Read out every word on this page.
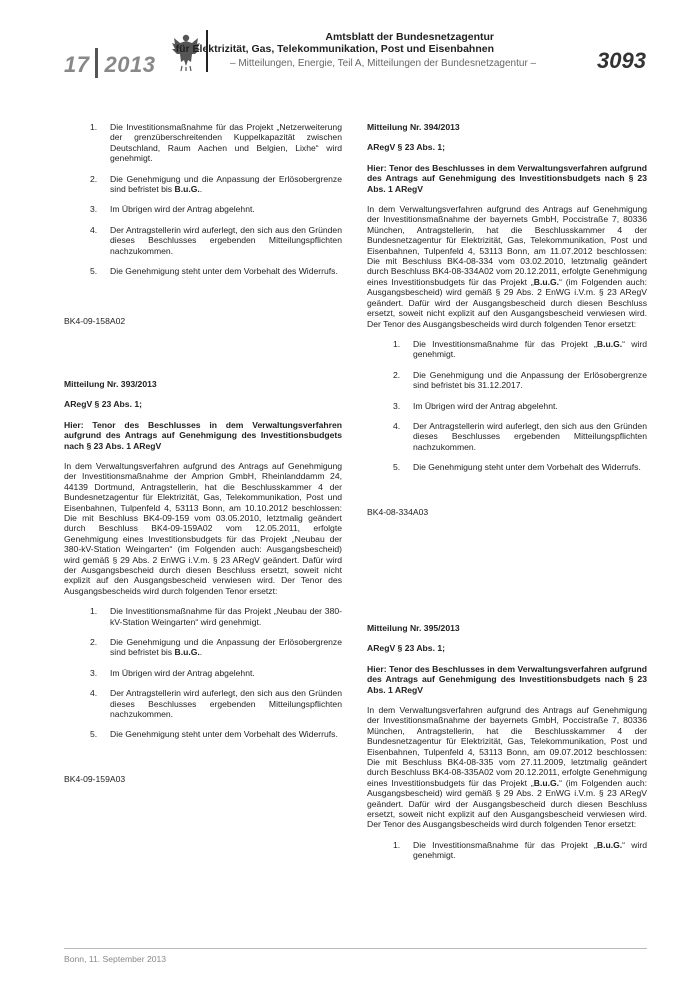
17 2013
Amtsblatt der Bundesnetzagentur
für Elektrizität, Gas, Telekommunikation, Post und Eisenbahnen
– Mitteilungen, Energie, Teil A, Mitteilungen der Bundesnetzagentur –	3093
1. Die Investitionsmaßnahme für das Projekt „Netzerweiterung der grenzüberschreitenden Kuppelkapazität zwischen Deutschland, Raum Aachen und Belgien, Lixhe“ wird genehmigt.
2. Die Genehmigung und die Anpassung der Erlösobergrenze sind befristet bis B.u.G..
3. Im Übrigen wird der Antrag abgelehnt.
4. Der Antragstellerin wird auferlegt, den sich aus den Gründen dieses Beschlusses ergebenden Mitteilungspflichten nachzukommen.
5. Die Genehmigung steht unter dem Vorbehalt des Widerrufs.

BK4-09-158A02

Mitteilung Nr. 393/2013

ARegV § 23 Abs. 1;

Hier: Tenor des Beschlusses in dem Verwaltungsverfahren aufgrund des Antrags auf Genehmigung des Investitionsbudgets nach § 23 Abs. 1 ARegV

In dem Verwaltungsverfahren aufgrund des Antrags auf Genehmigung der Investitionsmaßnahme der Amprion GmbH, Rheinlanddamm 24, 44139 Dortmund, Antragstellerin, hat die Beschlusskammer 4 der Bundesnetzagentur für Elektrizität, Gas, Telekommunikation, Post und Eisenbahnen, Tulpenfeld 4, 53113 Bonn, am 10.10.2012 beschlossen: Die mit Beschluss BK4-09-159 vom 03.05.2010, letztmalig geändert durch Beschluss BK4-09-159A02 vom 12.05.2011, erfolgte Genehmigung eines Investitionsbudgets für das Projekt „Neubau der 380-kV-Station Weingarten“ (im Folgenden auch: Ausgangsbescheid) wird gemäß § 29 Abs. 2 EnWG i.V.m. § 23 ARegV geändert. Dafür wird der Ausgangsbescheid durch diesen Beschluss ersetzt, soweit nicht explizit auf den Ausgangsbescheid verwiesen wird. Der Tenor des Ausgangsbescheids wird durch folgenden Tenor ersetzt:

1. Die Investitionsmaßnahme für das Projekt „Neubau der 380-kV-Station Weingarten“ wird genehmigt.
2. Die Genehmigung und die Anpassung der Erlösobergrenze sind befristet bis B.u.G..
3. Im Übrigen wird der Antrag abgelehnt.
4. Der Antragstellerin wird auferlegt, den sich aus den Gründen dieses Beschlusses ergebenden Mitteilungspflichten nachzukommen.
5. Die Genehmigung steht unter dem Vorbehalt des Widerrufs.

BK4-09-159A03

Mitteilung Nr. 394/2013

ARegV § 23 Abs. 1;

Hier: Tenor des Beschlusses in dem Verwaltungsverfahren aufgrund des Antrags auf Genehmigung des Investitionsbudgets nach § 23 Abs. 1 ARegV

In dem Verwaltungsverfahren aufgrund des Antrags auf Genehmigung der Investitionsmaßnahme der bayernets GmbH, Poccistraße 7, 80336 München, Antragstellerin, hat die Beschlusskammer 4 der Bundesnetzagentur für Elektrizität, Gas, Telekommunikation, Post und Eisenbahnen, Tulpenfeld 4, 53113 Bonn, am 11.07.2012 beschlossen: Die mit Beschluss BK4-08-334 vom 03.02.2010, letztmalig geändert durch Beschluss BK4-08-334A02 vom 20.12.2011, erfolgte Genehmigung eines Investitionsbudgets für das Projekt „B.u.G.“ (im Folgenden auch: Ausgangsbescheid) wird gemäß § 29 Abs. 2 EnWG i.V.m. § 23 ARegV geändert. Dafür wird der Ausgangsbescheid durch diesen Beschluss ersetzt, soweit nicht explizit auf den Ausgangsbescheid verwiesen wird. Der Tenor des Ausgangsbescheids wird durch folgenden Tenor ersetzt:

1. Die Investitionsmaßnahme für das Projekt „B.u.G.“ wird genehmigt.
2. Die Genehmigung und die Anpassung der Erlösobergrenze sind befristet bis 31.12.2017.
3. Im Übrigen wird der Antrag abgelehnt.
4. Der Antragstellerin wird auferlegt, den sich aus den Gründen dieses Beschlusses ergebenden Mitteilungspflichten nachzukommen.
5. Die Genehmigung steht unter dem Vorbehalt des Widerrufs.

BK4-08-334A03

Mitteilung Nr. 395/2013

ARegV § 23 Abs. 1;

Hier: Tenor des Beschlusses in dem Verwaltungsverfahren aufgrund des Antrags auf Genehmigung des Investitionsbudgets nach § 23 Abs. 1 ARegV

In dem Verwaltungsverfahren aufgrund des Antrags auf Genehmigung der Investitionsmaßnahme der bayernets GmbH, Poccistraße 7, 80336 München, Antragstellerin, hat die Beschlusskammer 4 der Bundesnetzagentur für Elektrizität, Gas, Telekommunikation, Post und Eisenbahnen, Tulpenfeld 4, 53113 Bonn, am 09.07.2012 beschlossen: Die mit Beschluss BK4-08-335 vom 27.11.2009, letztmalig geändert durch Beschluss BK4-08-335A02 vom 20.12.2011, erfolgte Genehmigung eines Investitionsbudgets für das Projekt „B.u.G.“ (im Folgenden auch: Ausgangsbescheid) wird gemäß § 29 Abs. 2 EnWG i.V.m. § 23 ARegV geändert. Dafür wird der Ausgangsbescheid durch diesen Beschluss ersetzt, soweit nicht explizit auf den Ausgangsbescheid verwiesen wird. Der Tenor des Ausgangsbescheids wird durch folgenden Tenor ersetzt:

1. Die Investitionsmaßnahme für das Projekt „B.u.G.“ wird genehmigt.
Bonn, 11. September 2013
